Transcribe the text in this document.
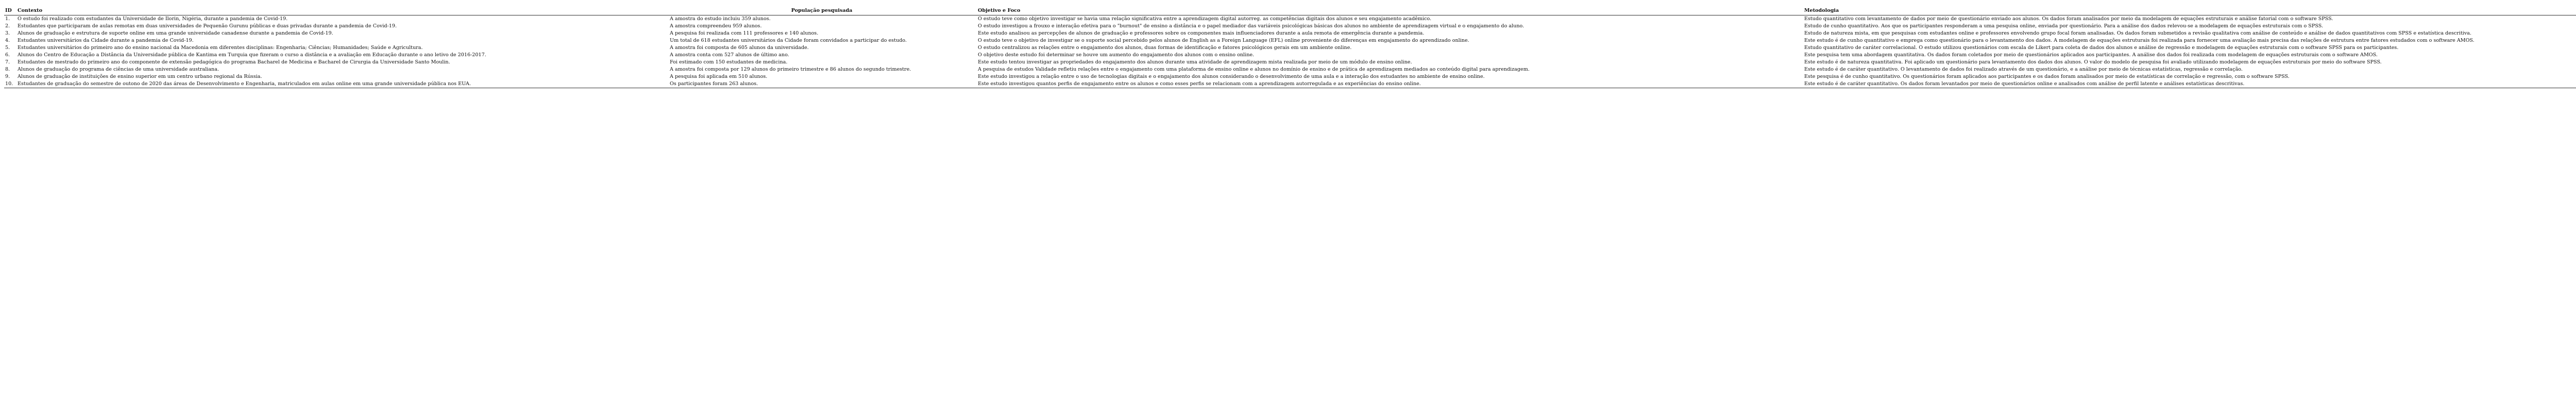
ID	Contexto	População pesquisada	Objetivo e Foco	Metodologia
1.	O estudo foi realizado com estudantes da Universidade de Ilorin, Nigéria, durante a pandemia de Covid-19.	A amostra do estudo incluiu 359 alunos.	O estudo teve como objetivo investigar se havia uma relação significativa entre a aprendizagem digital autorreg. as competências digitais dos alunos e seu engajamento acadêmico.	Estudo quantitativo com levantamento de dados por meio de questionário enviado aos alunos. Os dados foram analisados por meio da modelagem de equações estruturais e análise fatorial com o software SPSS.
2.	Estudantes que participaram de aulas remotas em duas universidades de Pequenão Gurunu públicas e duas privadas durante a pandemia de Covid-19.	A amostra compreendeu 959 alunos.	O estudo investigou a frouxo e interação efetiva para o "burnout" de ensino a distância e o papel mediador das variáveis psicológicas básicas dos alunos no ambiente de aprendizagem virtual e o engajamento do aluno.	Estudo de cunho quantitativo. Aos que os participantes responderam a uma pesquisa online, enviada por questionário. Para a análise dos dados relevou-se a modelagem de equações estruturais com o SPSS.
3.	Alunos de graduação e estrutura de suporte online em uma grande universidade canadense durante a pandemia de Covid-19.	A pesquisa foi realizada com 111 professores e 140 alunos.	Este estudo analisou as percepções de alunos de graduação e professores sobre os componentes mais influenciadores durante a aula remota de emergência durante a pandemia.	Estudo de natureza mista, em que pesquisas com estudantes online e professores envolvendo grupo focal foram analisadas. Os dados foram submetidos a revisão qualitativa com análise de conteúdo e análise de dados quantitativos com SPSS e estatística descritiva.
4.	Estudantes universitários da Cidade durante a pandemia de Covid-19.	Um total de 618 estudantes universitários da Cidade foram convidados a participar do estudo.	O estudo teve o objetivo de investigar se o suporte social percebido pelos alunos de English as a Foreign Language (EFL) online proveniente do diferenças em engajamento do aprendizado online.	Este estudo é de cunho quantitativo e emprega como questionário para o levantamento dos dados. A modelagem de equações estruturais foi realizada para fornecer uma avaliação mais precisa das relações de estrutura entre fatores estudados com o software AMOS.
5.	Estudantes universitários do primeiro ano do ensino nacional da Macedonia em diferentes disciplinas: Engenharia; Ciências; Humanidades; Saúde e Agricultura.	A amostra foi composta de 605 alunos da universidade.	O estudo centralizou as relações entre o engajamento dos alunos, duas formas de identificação e fatores psicológicos gerais em um ambiente online.	Estudo quantitativo de caráter correlacional. O estudo utilizou questionários com escala de Likert para coleta de dados dos alunos e análise de regressão e modelagem de equações estruturais com o software SPSS para os participantes.
6.	Alunos do Centro de Educação a Distância da Universidade pública de Kantima em Turquia que fizeram o curso a distância e a avaliação em Educação durante o ano letivo de 2016-2017.	A amostra conta com 527 alunos de último ano.	O objetivo deste estudo foi determinar se houve um aumento do engajamento dos alunos com o ensino online.	Este pesquisa tem uma abordagem quantitativa. Os dados foram coletados por meio de questionários aplicados aos participantes. A análise dos dados foi realizada com modelagem de equações estruturais com o software AMOS.
7.	Estudantes de mestrado do primeiro ano do componente de extensão pedagógica do programa Bacharel de Medicina e Bacharel de Cirurgia da Universidade Santo Moulin.	Foi estimado com 150 estudantes de medicina.	Este estudo tentou investigar as propriedades do engajamento dos alunos durante uma atividade de aprendizagem mista realizada por meio de um módulo de ensino online.	Este estudo é de natureza quantitativa. Foi aplicado um questionário para levantamento dos dados dos alunos. O valor do modelo de pesquisa foi avaliado utilizando modelagem de equações estruturais por meio do software SPSS.
8.	Alunos de graduação do programa de ciências de uma universidade australiana.	A amostra foi composta por 129 alunos do primeiro trimestre e 86 alunos do segundo trimestre.	A pesquisa de estudos Validade refletiu relações entre o engajamento com uma plataforma de ensino online e alunos no domínio de ensino e de prática de aprendizagem mediados ao conteúdo digital para aprendizagem.	Este estudo é de caráter quantitativo. O levantamento de dados foi realizado através de um questionário, e a análise por meio de técnicas estatísticas, regressão e correlação.
9.	Alunos de graduação de instituições de ensino superior em um centro urbano regional da Rússia.	A pesquisa foi aplicada em 510 alunos.	Este estudo investigou a relação entre o uso de tecnologias digitais e o engajamento dos alunos considerando o desenvolvimento de uma aula e a interação dos estudantes no ambiente de ensino online.	Este pesquisa é de cunho quantitativo. Os questionários foram aplicados aos participantes e os dados foram analisados por meio de estatísticas de correlação e regressão, com o software SPSS.
10.	Estudantes de graduação do semestre de outono de 2020 das áreas de Desenvolvimento e Engenharia, matriculados em aulas online em uma grande universidade pública nos EUA.	Os participantes foram 263 alunos.	Este estudo investigou quantos perfis de engajamento entre os alunos e como esses perfis se relacionam com a aprendizagem autorregulada e as experiências do ensino online.	Este estudo é de caráter quantitativo. Os dados foram levantados por meio de questionários online e analisados com análise de perfil latente e análises estatísticas descritivas.
